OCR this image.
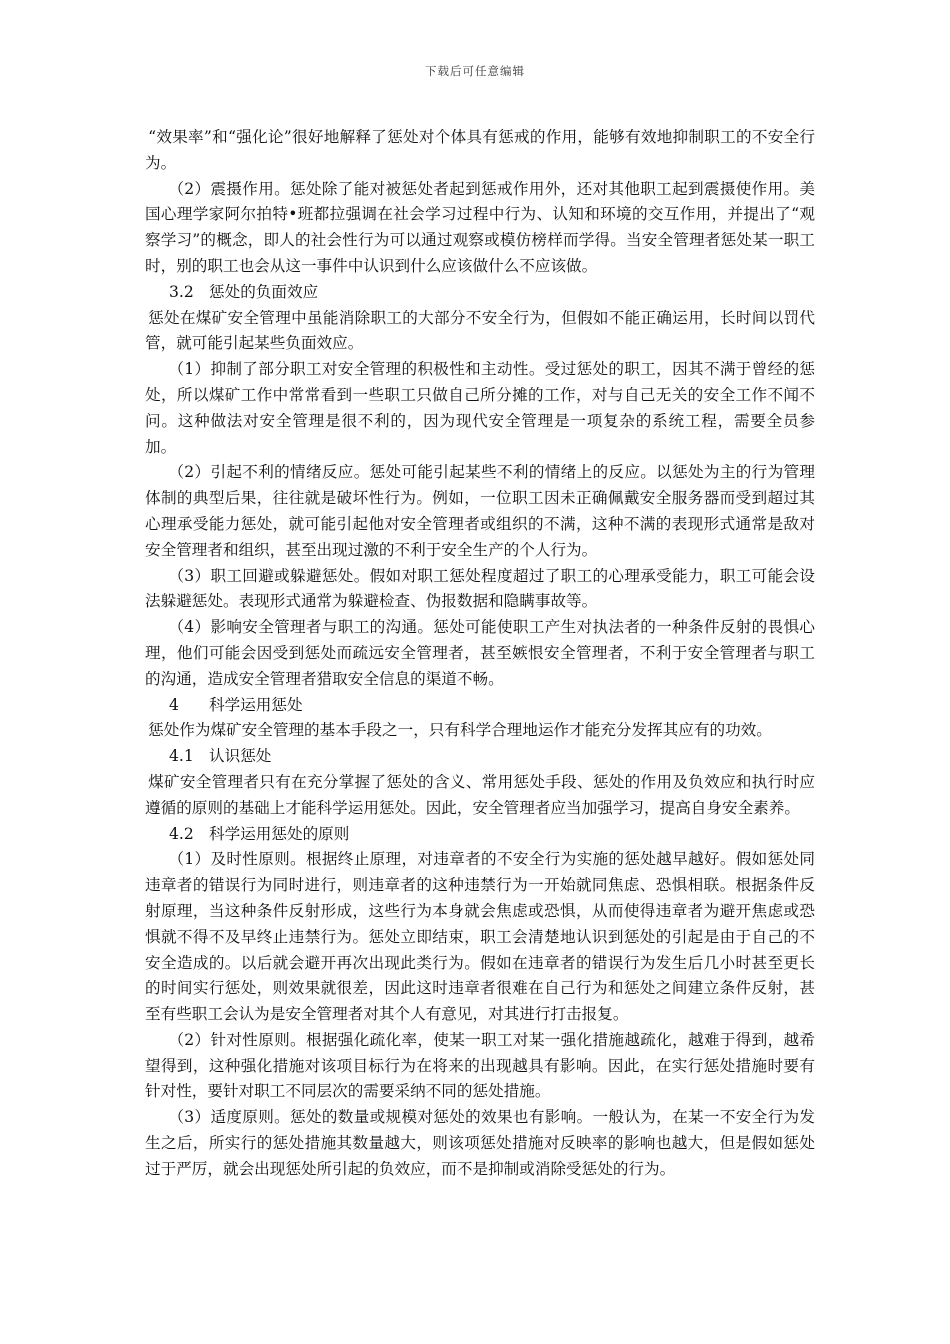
下载后可任意编辑

“效果率”和“强化论”很好地解释了惩处对个体具有惩戒的作用，能够有效地抑制职工的不安全行为。

（2）震摄作用。惩处除了能对被惩处者起到惩戒作用外，还对其他职工起到震摄使作用。美国心理学家阿尔拍特•班都拉强调在社会学习过程中行为、认知和环境的交互作用，并提出了“观察学习”的概念，即人的社会性行为可以通过观察或模仿榜样而学得。当安全管理者惩处某一职工时，别的职工也会从这一事件中认识到什么应该做什么不应该做。

3.2 惩处的负面效应

惩处在煤矿安全管理中虽能消除职工的大部分不安全行为，但假如不能正确运用，长时间以罚代管，就可能引起某些负面效应。

（1）抑制了部分职工对安全管理的积极性和主动性。受过惩处的职工，因其不满于曾经的惩处，所以煤矿工作中常常看到一些职工只做自己所分摊的工作，对与自己无关的安全工作不闻不问。这种做法对安全管理是很不利的，因为现代安全管理是一项复杂的系统工程，需要全员参加。

（2）引起不利的情绪反应。惩处可能引起某些不利的情绪上的反应。以惩处为主的行为管理体制的典型后果，往往就是破坏性行为。例如，一位职工因未正确佩戴安全服务器而受到超过其心理承受能力惩处，就可能引起他对安全管理者或组织的不满，这种不满的表现形式通常是敌对安全管理者和组织，甚至出现过激的不利于安全生产的个人行为。

（3）职工回避或躲避惩处。假如对职工惩处程度超过了职工的心理承受能力，职工可能会设法躲避惩处。表现形式通常为躲避检查、伪报数据和隐瞒事故等。

（4）影响安全管理者与职工的沟通。惩处可能使职工产生对执法者的一种条件反射的畏惧心理，他们可能会因受到惩处而疏远安全管理者，甚至嫉恨安全管理者，不利于安全管理者与职工的沟通，造成安全管理者猎取安全信息的渠道不畅。

4 科学运用惩处

惩处作为煤矿安全管理的基本手段之一，只有科学合理地运作才能充分发挥其应有的功效。

4.1 认识惩处

煤矿安全管理者只有在充分掌握了惩处的含义、常用惩处手段、惩处的作用及负效应和执行时应遵循的原则的基础上才能科学运用惩处。因此，安全管理者应当加强学习，提高自身安全素养。

4.2 科学运用惩处的原则

（1）及时性原则。根据终止原理，对违章者的不安全行为实施的惩处越早越好。假如惩处同违章者的错误行为同时进行，则违章者的这种违禁行为一开始就同焦虑、恐惧相联。根据条件反射原理，当这种条件反射形成，这些行为本身就会焦虑或恐惧，从而使得违章者为避开焦虑或恐惧就不得不及早终止违禁行为。惩处立即结束，职工会清楚地认识到惩处的引起是由于自己的不安全造成的。以后就会避开再次出现此类行为。假如在违章者的错误行为发生后几小时甚至更长的时间实行惩处，则效果就很差，因此这时违章者很难在自己行为和惩处之间建立条件反射，甚至有些职工会认为是安全管理者对其个人有意见，对其进行打击报复。

（2）针对性原则。根据强化疏化率，使某一职工对某一强化措施越疏化，越难于得到，越希望得到，这种强化措施对该项目标行为在将来的出现越具有影响。因此，在实行惩处措施时要有针对性，要针对职工不同层次的需要采纳不同的惩处措施。

（3）适度原则。惩处的数量或规模对惩处的效果也有影响。一般认为，在某一不安全行为发生之后，所实行的惩处措施其数量越大，则该项惩处措施对反映率的影响也越大，但是假如惩处过于严厉，就会出现惩处所引起的负效应，而不是抑制或消除受惩处的行为。
